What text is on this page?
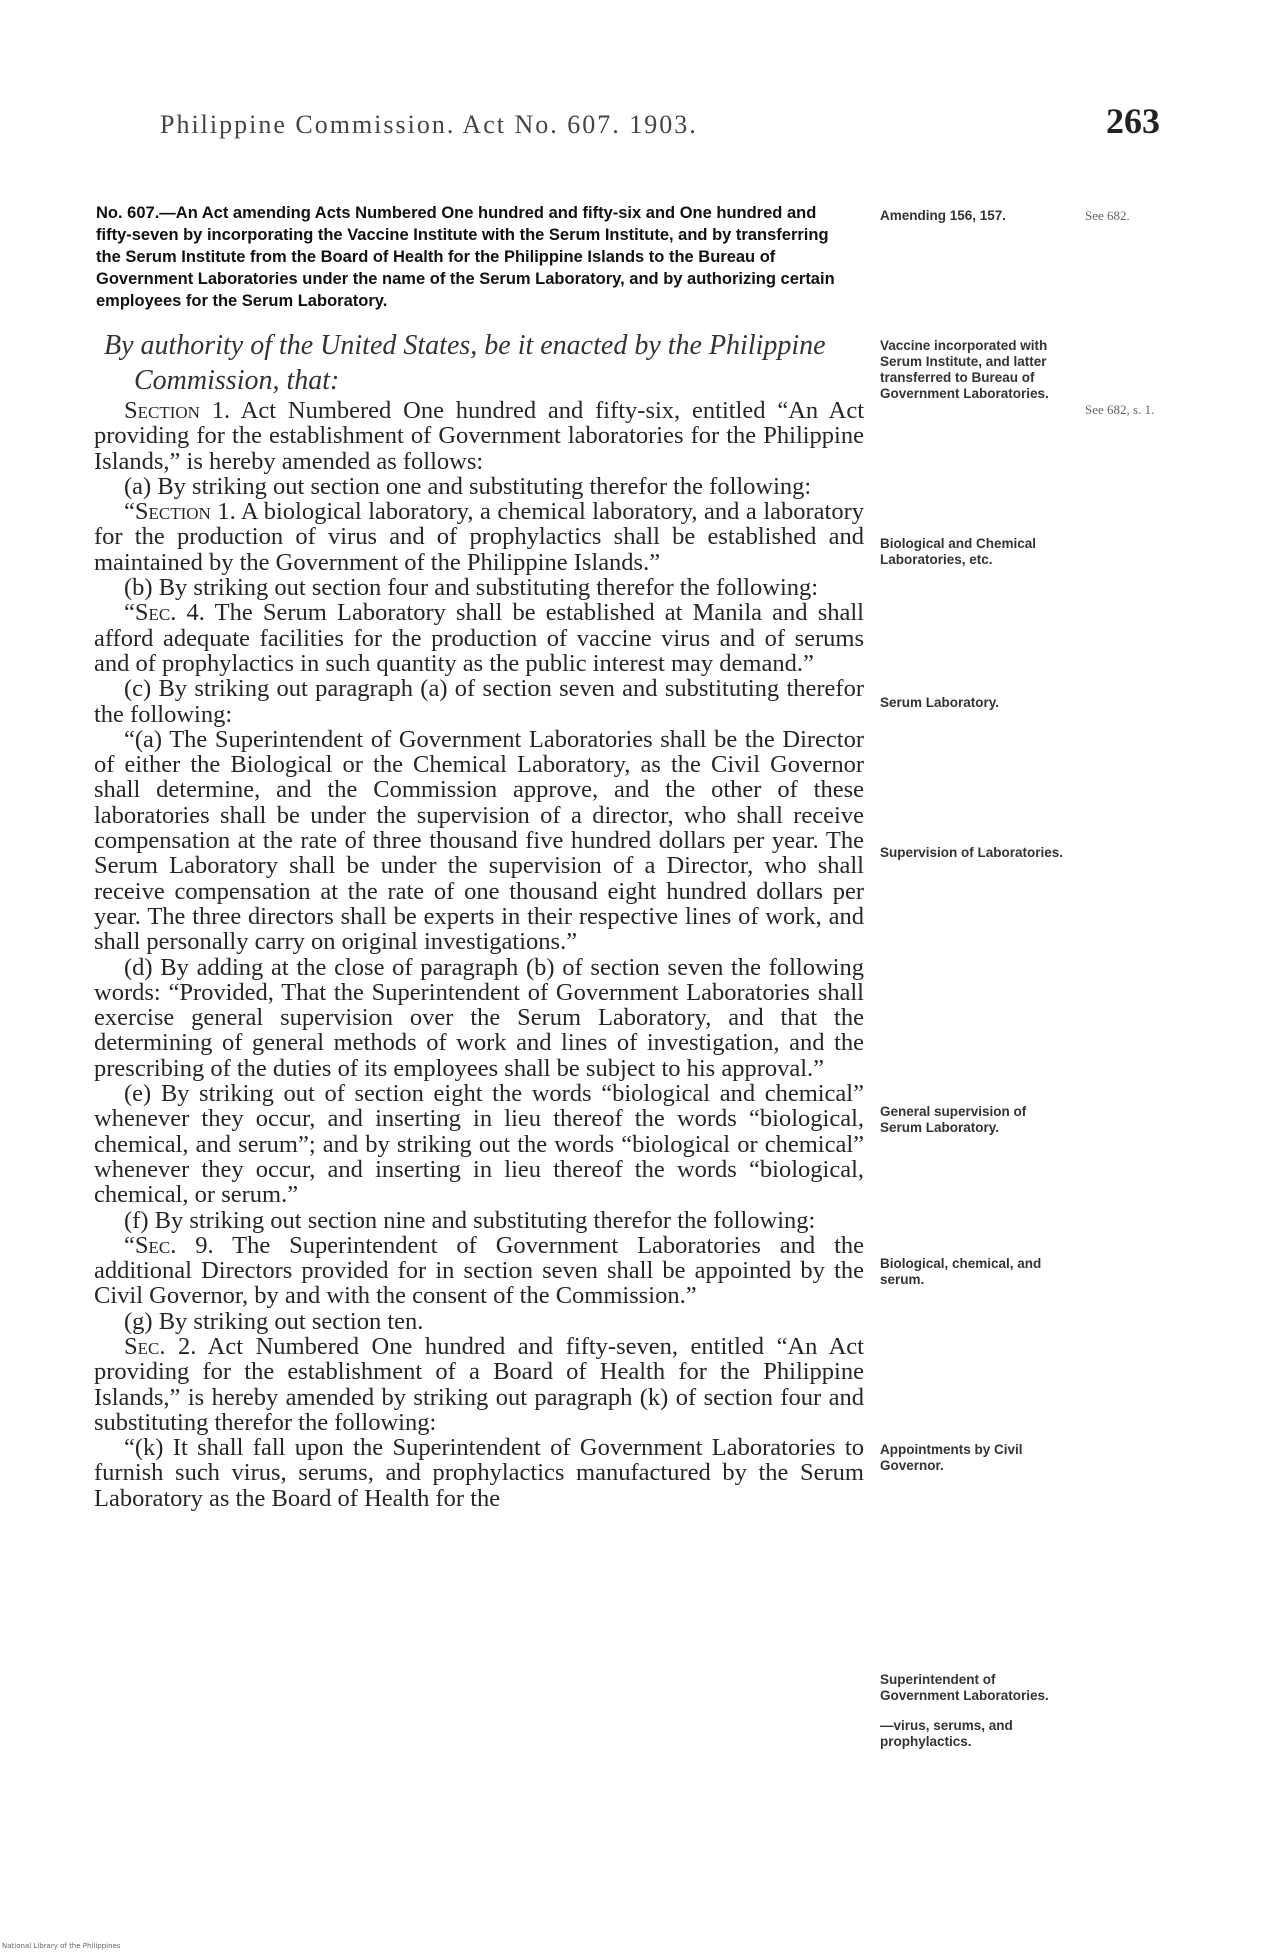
Philippine Commission. Act No. 607. 1903.	263
No. 607.—An Act amending Acts Numbered One hundred and fifty-six and One hundred and fifty-seven by incorporating the Vaccine Institute with the Serum Institute, and by transferring the Serum Institute from the Board of Health for the Philippine Islands to the Bureau of Government Laboratories under the name of the Serum Laboratory, and by authorizing certain employees for the Serum Laboratory.
By authority of the United States, be it enacted by the Philippine
Commission, that:

Section 1. Act Numbered One hundred and fifty-six, entitled “An Act providing for the establishment of Government laboratories for the Philippine Islands,” is hereby amended as follows:

(a) By striking out section one and substituting therefor the following:

“Section 1. A biological laboratory, a chemical laboratory, and a laboratory for the production of virus and of prophylactics shall be established and maintained by the Government of the Philippine Islands.”

(b) By striking out section four and substituting therefor the following:

“Sec. 4. The Serum Laboratory shall be established at Manila and shall afford adequate facilities for the production of vaccine virus and of serums and of prophylactics in such quantity as the public interest may demand.”

(c) By striking out paragraph (a) of section seven and substituting therefor the following:

“(a) The Superintendent of Government Laboratories shall be the Director of either the Biological or the Chemical Laboratory, as the Civil Governor shall determine, and the Commission approve, and the other of these laboratories shall be under the supervision of a director, who shall receive compensation at the rate of three thousand five hundred dollars per year. The Serum Laboratory shall be under the supervision of a Director, who shall receive compensation at the rate of one thousand eight hundred dollars per year. The three directors shall be experts in their respective lines of work, and shall personally carry on original investigations.”

(d) By adding at the close of paragraph (b) of section seven the following words: “Provided, That the Superintendent of Government Laboratories shall exercise general supervision over the Serum Laboratory, and that the determining of general methods of work and lines of investigation, and the prescribing of the duties of its employees shall be subject to his approval.”

(e) By striking out of section eight the words “biological and chemical” whenever they occur, and inserting in lieu thereof the words “biological, chemical, and serum”; and by striking out the words “biological or chemical” whenever they occur, and inserting in lieu thereof the words “biological, chemical, or serum.”

(f) By striking out section nine and substituting therefor the following:

“Sec. 9. The Superintendent of Government Laboratories and the additional Directors provided for in section seven shall be appointed by the Civil Governor, by and with the consent of the Commission.”

(g) By striking out section ten.

Sec. 2. Act Numbered One hundred and fifty-seven, entitled “An Act providing for the establishment of a Board of Health for the Philippine Islands,” is hereby amended by striking out paragraph (k) of section four and substituting therefor the following:

“(k) It shall fall upon the Superintendent of Government Laboratories to furnish such virus, serums, and prophylactics manufactured by the Serum Laboratory as the Board of Health for the

Amending 156, 157.
Vaccine incorporated with Serum Institute, and latter transferred to Bureau of Government Laboratories.
Biological and Chemical Laboratories, etc.
Serum Laboratory.
Supervision of Laboratories.
General supervision of Serum Laboratory.
Biological, chemical, and serum.
Appointments by Civil Governor.
Superintendent of Government Laboratories.
—virus, serums, and prophylactics.
See 682.
See 682, s. 1.
National Library of the Philippines
